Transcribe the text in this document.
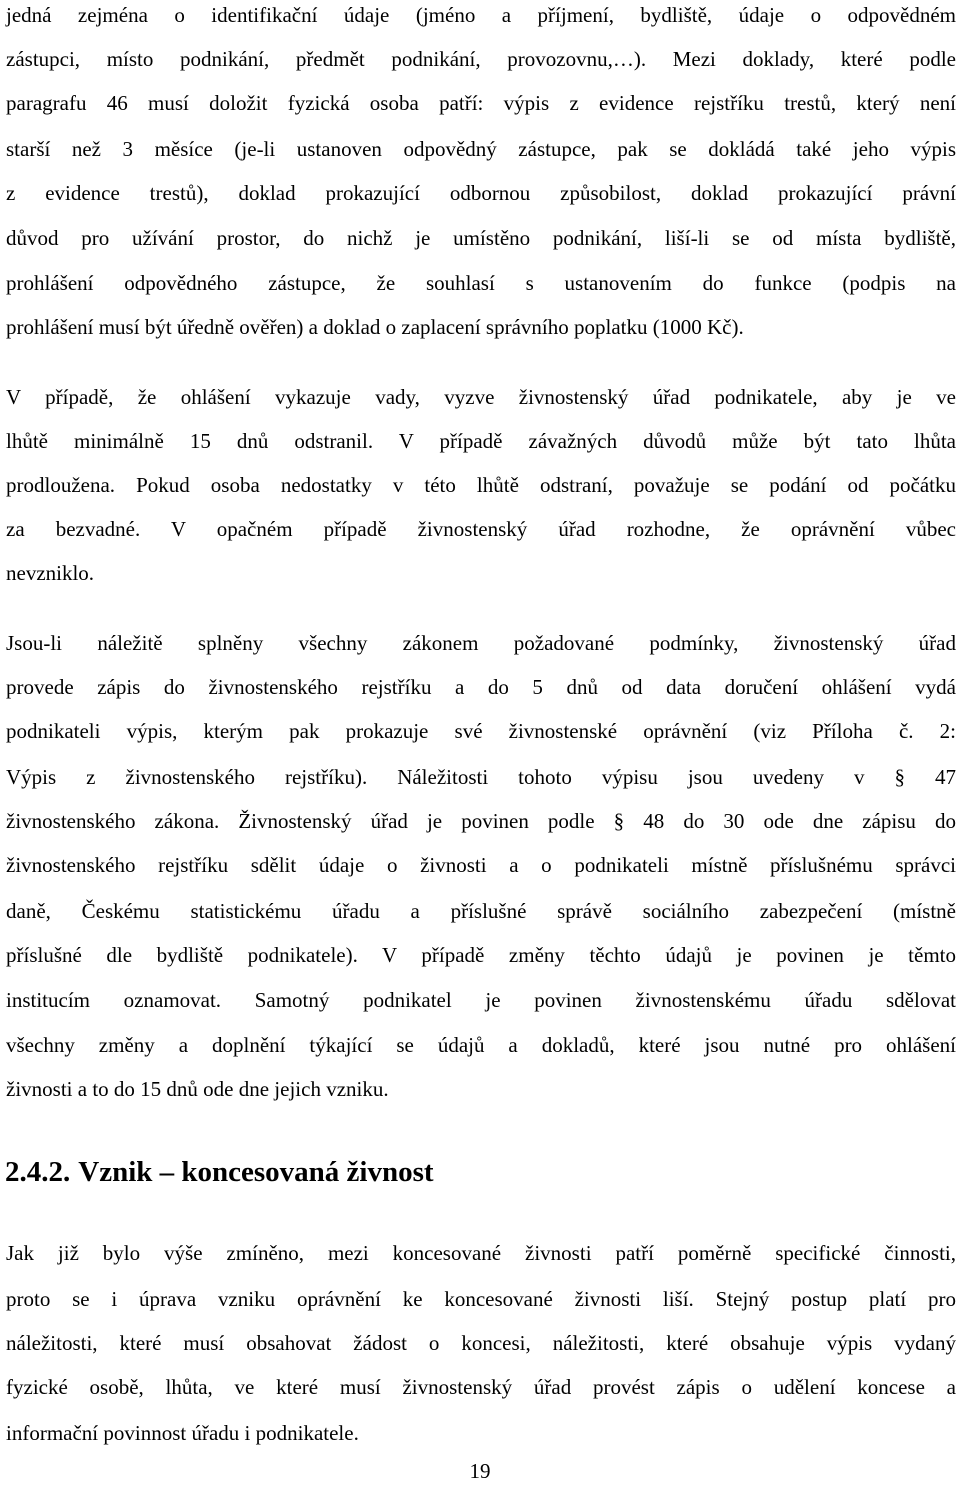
jedná zejména o identifikační údaje (jméno a příjmení, bydliště, údaje o odpovědném
zástupci, místo podnikání, předmět podnikání, provozovnu,…). Mezi doklady, které podle
paragrafu 46 musí doložit fyzická osoba patří: výpis z evidence rejstříku trestů, který není
starší než 3 měsíce (je-li ustanoven odpovědný zástupce, pak se dokládá také jeho výpis
z evidence trestů), doklad prokazující odbornou způsobilost, doklad prokazující právní
důvod pro užívání prostor, do nichž je umístěno podnikání, liší-li se od místa bydliště,
prohlášení odpovědného zástupce, že souhlasí s ustanovením do funkce (podpis na
prohlášení musí být úředně ověřen) a doklad o zaplacení správního poplatku (1000 Kč).
V případě, že ohlášení vykazuje vady, vyzve živnostenský úřad podnikatele, aby je ve
lhůtě minimálně 15 dnů odstranil. V případě závažných důvodů může být tato lhůta
prodloužena. Pokud osoba nedostatky v této lhůtě odstraní, považuje se podání od počátku
za bezvadné. V opačném případě živnostenský úřad rozhodne, že oprávnění vůbec
nevzniklo.
Jsou-li náležitě splněny všechny zákonem požadované podmínky, živnostenský úřad
provede zápis do živnostenského rejstříku a do 5 dnů od data doručení ohlášení vydá
podnikateli výpis, kterým pak prokazuje své živnostenské oprávnění (viz Příloha č. 2:
Výpis z živnostenského rejstříku). Náležitosti tohoto výpisu jsou uvedeny v § 47
živnostenského zákona. Živnostenský úřad je povinen podle § 48 do 30 ode dne zápisu do
živnostenského rejstříku sdělit údaje o živnosti a o podnikateli místně příslušnému správci
daně, Českému statistickému úřadu a příslušné správě sociálního zabezpečení (místně
příslušné dle bydliště podnikatele). V případě změny těchto údajů je povinen je těmto
institucím oznamovat. Samotný podnikatel je povinen živnostenskému úřadu sdělovat
všechny změny a doplnění týkající se údajů a dokladů, které jsou nutné pro ohlášení
živnosti a to do 15 dnů ode dne jejich vzniku.
2.4.2. Vznik – koncesovaná živnost
Jak již bylo výše zmíněno, mezi koncesované živnosti patří poměrně specifické činnosti,
proto se i úprava vzniku oprávnění ke koncesované živnosti liší. Stejný postup platí pro
náležitosti, které musí obsahovat žádost o koncesi, náležitosti, které obsahuje výpis vydaný
fyzické osobě, lhůta, ve které musí živnostenský úřad provést zápis o udělení koncese a
informační povinnost úřadu i podnikatele.
19
